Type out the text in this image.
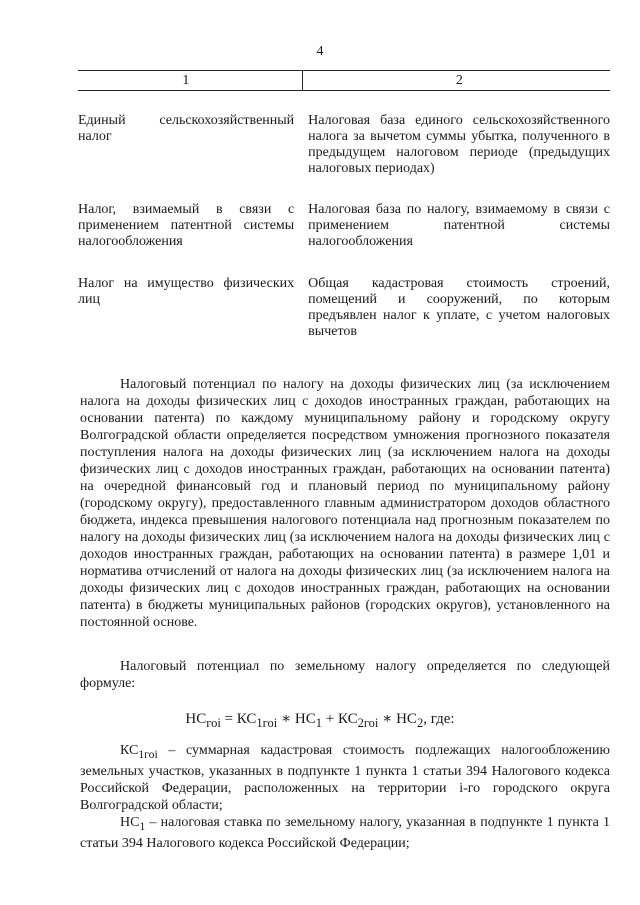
4
1	2
Единый сельскохозяйственный налог	Налоговая база единого сельскохозяйственного налога за вычетом суммы убытка, полученного в предыдущем налоговом периоде (предыдущих налоговых периодах)
Налог, взимаемый в связи с применением патентной системы налогообложения	Налоговая база по налогу, взимаемому в связи с применением патентной системы налогообложения
Налог на имущество физических лиц	Общая кадастровая стоимость строений, помещений и сооружений, по которым предъявлен налог к уплате, с учетом налоговых вычетов

Налоговый потенциал по налогу на доходы физических лиц (за исключением налога на доходы физических лиц с доходов иностранных граждан, работающих на основании патента) по каждому муниципальному району и городскому округу Волгоградской области определяется посредством умножения прогнозного показателя поступления налога на доходы физических лиц (за исключением налога на доходы физических лиц с доходов иностранных граждан, работающих на основании патента) на очередной финансовый год и плановый период по муниципальному району (городскому округу), предоставленного главным администратором доходов областного бюджета, индекса превышения налогового потенциала над прогнозным показателем по налогу на доходы физических лиц (за исключением налога на доходы физических лиц с доходов иностранных граждан, работающих на основании патента) в размере 1,01 и норматива отчислений от налога на доходы физических лиц (за исключением налога на доходы физических лиц с доходов иностранных граждан, работающих на основании патента) в бюджеты муниципальных районов (городских округов), установленного на постоянной основе.

Налоговый потенциал по земельному налогу определяется по следующей формуле:

$НС_{гоi} = КС_{1гоi}$ ∗ $НС_1 + КС_{2гоi}$ ∗ $НС_2$, где:

$КС_{1гоi}$ – суммарная кадастровая стоимость подлежащих налогообложению земельных участков, указанных в подпункте 1 пункта 1 статьи 394 Налогового кодекса Российской Федерации, расположенных на территории i-го городского округа Волгоградской области;

$НС_1$ – налоговая ставка по земельному налогу, указанная в подпункте 1 пункта 1 статьи 394 Налогового кодекса Российской Федерации;
